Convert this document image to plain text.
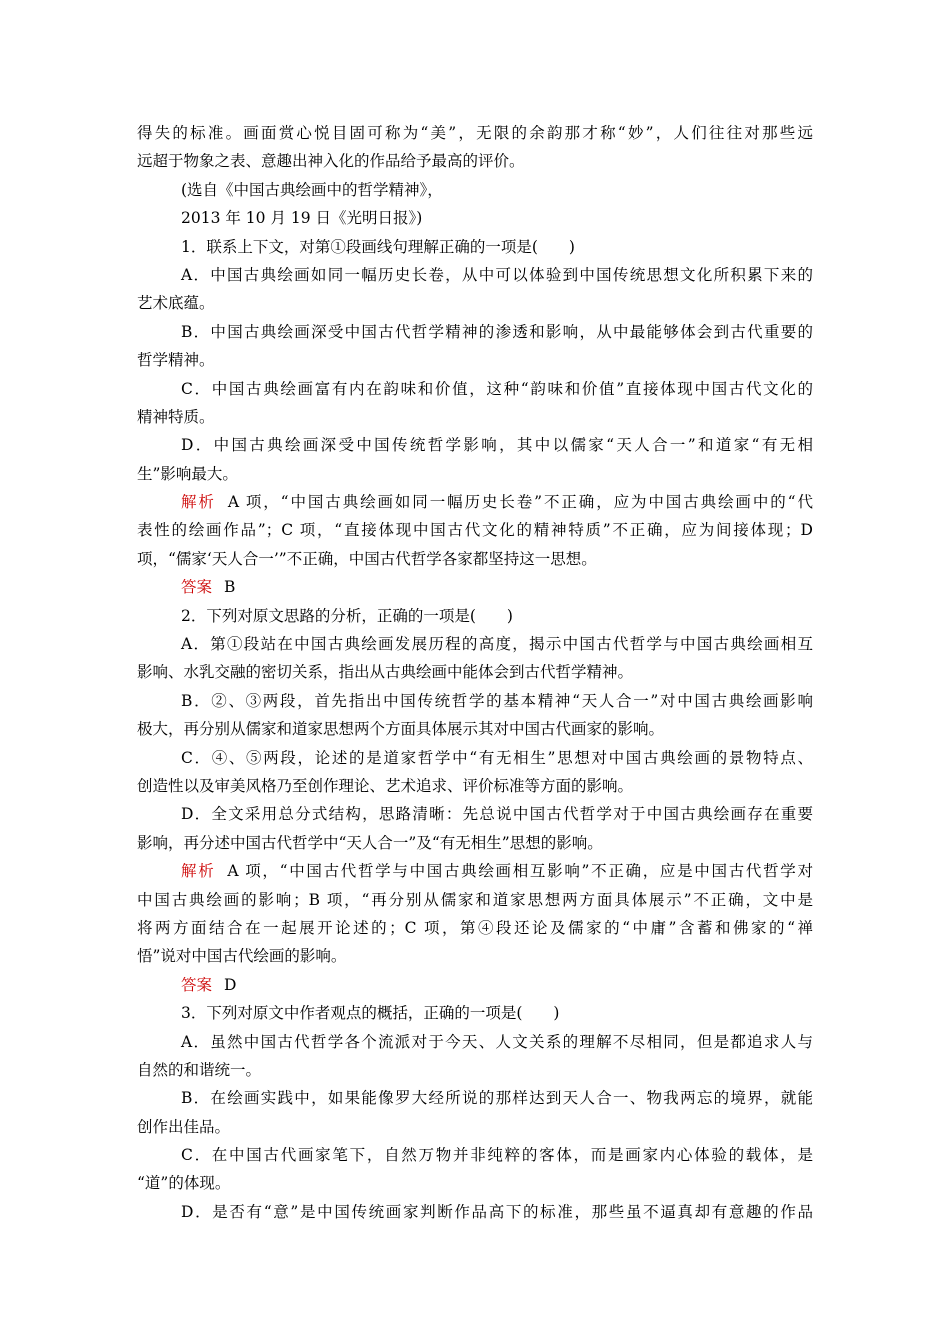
得失的标准。画面赏心悦目固可称为“美”，无限的余韵那才称“妙”，人们往往对那些远
远超于物象之表、意趣出神入化的作品给予最高的评价。
(选自《中国古典绘画中的哲学精神》，
2013 年 10 月 19 日《光明日报》)
1．联系上下文，对第①段画线句理解正确的一项是(　　)
A．中国古典绘画如同一幅历史长卷，从中可以体验到中国传统思想文化所积累下来的
艺术底蕴。
B．中国古典绘画深受中国古代哲学精神的渗透和影响，从中最能够体会到古代重要的
哲学精神。
C．中国古典绘画富有内在韵味和价值，这种“韵味和价值”直接体现中国古代文化的
精神特质。
D．中国古典绘画深受中国传统哲学影响，其中以儒家“天人合一”和道家“有无相
生”影响最大。
解析 A 项，“中国古典绘画如同一幅历史长卷”不正确，应为中国古典绘画中的“代
表性的绘画作品”；C 项，“直接体现中国古代文化的精神特质”不正确，应为间接体现；D
项，“儒家‘天人合一’”不正确，中国古代哲学各家都坚持这一思想。
答案 B
2．下列对原文思路的分析，正确的一项是(　　)
A．第①段站在中国古典绘画发展历程的高度，揭示中国古代哲学与中国古典绘画相互
影响、水乳交融的密切关系，指出从古典绘画中能体会到古代哲学精神。
B．②、③两段，首先指出中国传统哲学的基本精神“天人合一”对中国古典绘画影响
极大，再分别从儒家和道家思想两个方面具体展示其对中国古代画家的影响。
C．④、⑤两段，论述的是道家哲学中“有无相生”思想对中国古典绘画的景物特点、
创造性以及审美风格乃至创作理论、艺术追求、评价标准等方面的影响。
D．全文采用总分式结构，思路清晰：先总说中国古代哲学对于中国古典绘画存在重要
影响，再分述中国古代哲学中“天人合一”及“有无相生”思想的影响。
解析 A 项，“中国古代哲学与中国古典绘画相互影响”不正确，应是中国古代哲学对
中国古典绘画的影响；B 项，“再分别从儒家和道家思想两方面具体展示”不正确，文中是
将两方面结合在一起展开论述的；C 项，第④段还论及儒家的“中庸”含蓄和佛家的“禅
悟”说对中国古代绘画的影响。
答案 D
3．下列对原文中作者观点的概括，正确的一项是(　　)
A．虽然中国古代哲学各个流派对于今天、人文关系的理解不尽相同，但是都追求人与
自然的和谐统一。
B．在绘画实践中，如果能像罗大经所说的那样达到天人合一、物我两忘的境界，就能
创作出佳品。
C．在中国古代画家笔下，自然万物并非纯粹的客体，而是画家内心体验的载体，是
“道”的体现。
D．是否有“意”是中国传统画家判断作品高下的标准，那些虽不逼真却有意趣的作品
